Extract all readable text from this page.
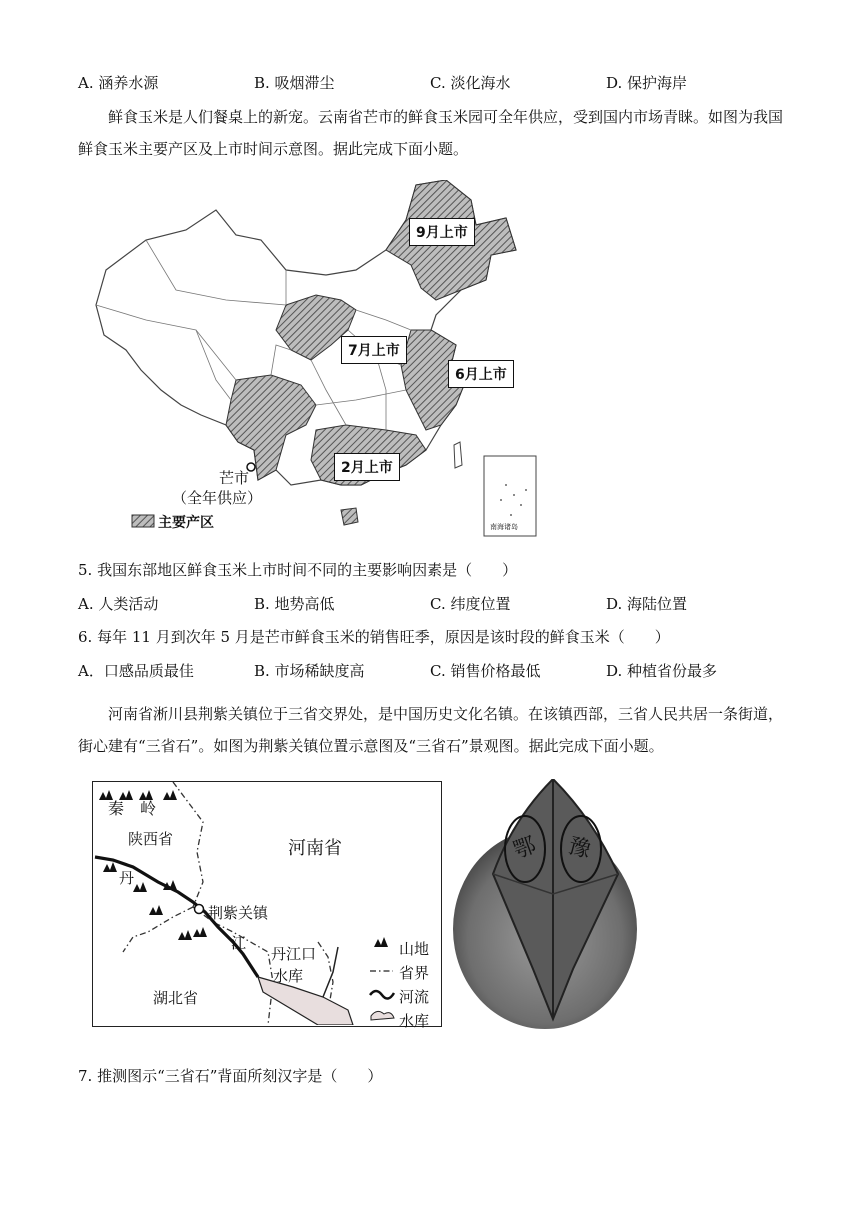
A. 涵养水源	B. 吸烟滞尘	C. 淡化海水	D. 保护海岸
鲜食玉米是人们餐桌上的新宠。云南省芒市的鲜食玉米园可全年供应，受到国内市场青睐。如图为我国鲜食玉米主要产区及上市时间示意图。据此完成下面小题。
9月上市
7月上市
6月上市
2月上市
芒市
（全年供应）
主要产区	南海诸岛
5. 我国东部地区鲜食玉米上市时间不同的主要影响因素是（　　）
A. 人类活动	B. 地势高低	C. 纬度位置	D. 海陆位置
6. 每年 11 月到次年 5 月是芒市鲜食玉米的销售旺季，原因是该时段的鲜食玉米（　　）
A．口感品质最佳	B. 市场稀缺度高	C. 销售价格最低	D. 种植省份最多
河南省淅川县荆紫关镇位于三省交界处，是中国历史文化名镇。在该镇西部，三省人民共居一条街道，街心建有“三省石”。如图为荆紫关镇位置示意图及“三省石”景观图。据此完成下面小题。
秦　岭
陕西省	河南省
丹
荆紫关镇
江
丹江口
水库
湖北省
山地
省界
河流
水库
鄂 豫
7. 推测图示“三省石”背面所刻汉字是（　　）
